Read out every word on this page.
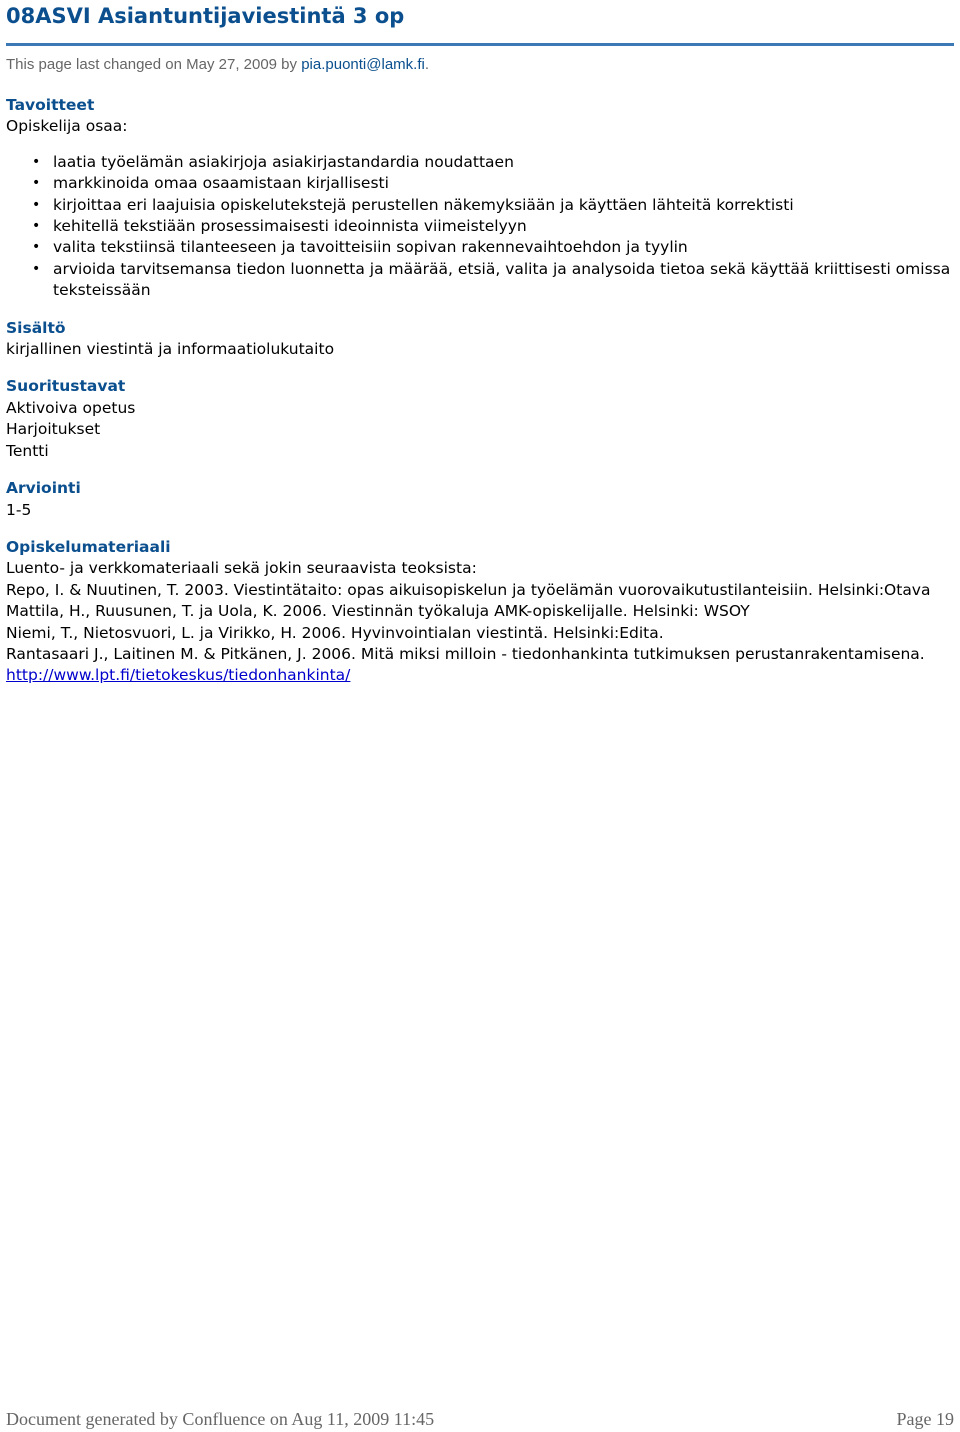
08ASVI Asiantuntijaviestintä 3 op
This page last changed on May 27, 2009 by pia.puonti@lamk.fi.
Tavoitteet

Opiskelija osaa:

• laatia työelämän asiakirjoja asiakirjastandardia noudattaen
• markkinoida omaa osaamistaan kirjallisesti
• kirjoittaa eri laajuisia opiskelutekstejä perustellen näkemyksiään ja käyttäen lähteitä korrektisti
• kehitellä tekstiään prosessimaisesti ideoinnista viimeistelyyn
• valita tekstiinsä tilanteeseen ja tavoitteisiin sopivan rakennevaihtoehdon ja tyylin
• arvioida tarvitsemansa tiedon luonnetta ja määrää, etsiä, valita ja analysoida tietoa sekä käyttää kriittisesti omissa teksteissään
Sisältö

kirjallinen viestintä ja informaatiolukutaito

Suoritustavat

Aktivoiva opetus

Harjoitukset

Tentti

Arviointi

1-5

Opiskelumateriaali

Luento- ja verkkomateriaali sekä jokin seuraavista teoksista:

Repo, I. & Nuutinen, T. 2003. Viestintätaito: opas aikuisopiskelun ja työelämän vuorovaikutustilanteisiin. Helsinki:Otava

Mattila, H., Ruusunen, T. ja Uola, K. 2006. Viestinnän työkaluja AMK-opiskelijalle. Helsinki: WSOY

Niemi, T., Nietosvuori, L. ja Virikko, H. 2006. Hyvinvointialan viestintä. Helsinki:Edita.

Rantasaari J., Laitinen M. & Pitkänen, J. 2006. Mitä miksi milloin - tiedonhankinta tutkimuksen perustanrakentamisena. http://www.lpt.fi/tietokeskus/tiedonhankinta/

Document generated by Confluence on Aug 11, 2009 11:45	Page 19
